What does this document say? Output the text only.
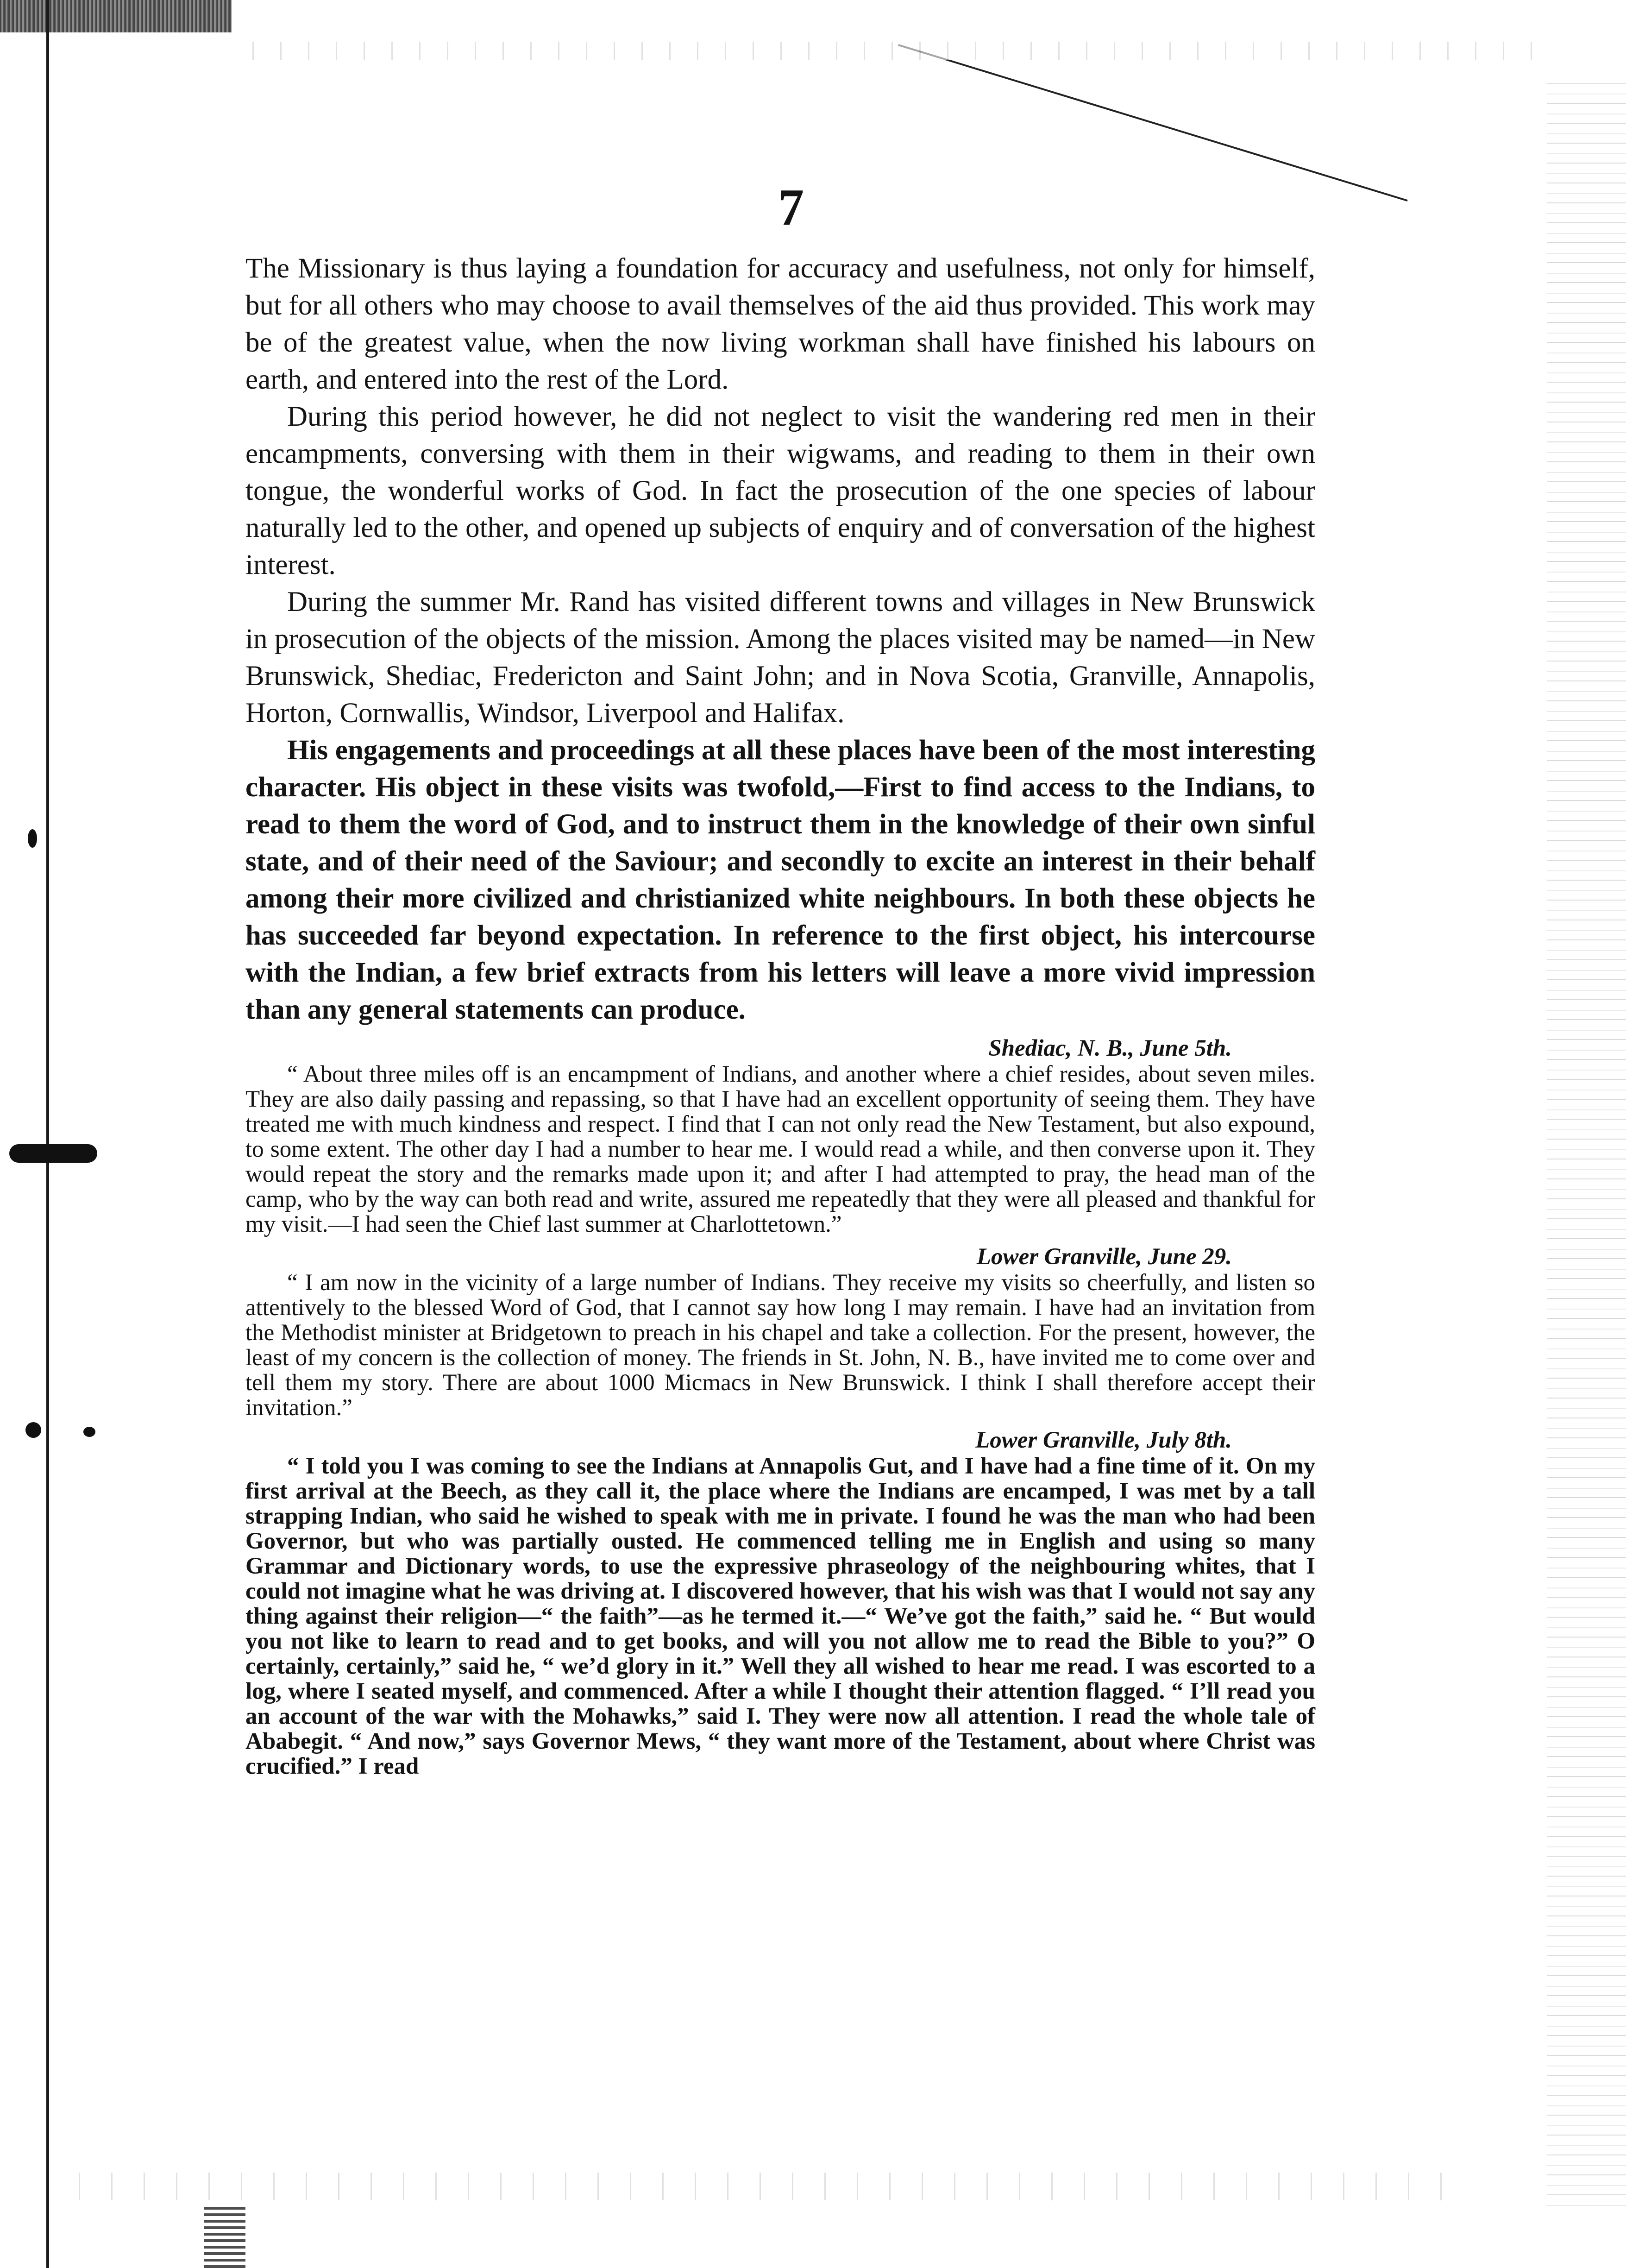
7

The Missionary is thus laying a foundation for accuracy and usefulness, not only for himself, but for all others who may choose to avail themselves of the aid thus provided. This work may be of the greatest value, when the now living workman shall have finished his labours on earth, and entered into the rest of the Lord.

During this period however, he did not neglect to visit the wandering red men in their encampments, conversing with them in their wigwams, and reading to them in their own tongue, the wonderful works of God. In fact the prosecution of the one species of labour naturally led to the other, and opened up subjects of enquiry and of conversation of the highest interest.

During the summer Mr. Rand has visited different towns and villages in New Brunswick in prosecution of the objects of the mission. Among the places visited may be named—in New Brunswick, Shediac, Fredericton and Saint John; and in Nova Scotia, Granville, Annapolis, Horton, Cornwallis, Windsor, Liverpool and Halifax.

His engagements and proceedings at all these places have been of the most interesting character. His object in these visits was twofold,—First to find access to the Indians, to read to them the word of God, and to instruct them in the knowledge of their own sinful state, and of their need of the Saviour; and secondly to excite an interest in their behalf among their more civilized and christianized white neighbours. In both these objects he has succeeded far beyond expectation. In reference to the first object, his intercourse with the Indian, a few brief extracts from his letters will leave a more vivid impression than any general statements can produce.

Shediac, N. B., June 5th.

“ About three miles off is an encampment of Indians, and another where a chief resides, about seven miles. They are also daily passing and repassing, so that I have had an excellent opportunity of seeing them. They have treated me with much kindness and respect. I find that I can not only read the New Testament, but also expound, to some extent. The other day I had a number to hear me. I would read a while, and then converse upon it. They would repeat the story and the remarks made upon it; and after I had attempted to pray, the head man of the camp, who by the way can both read and write, assured me repeatedly that they were all pleased and thankful for my visit.—I had seen the Chief last summer at Charlottetown.”

Lower Granville, June 29.

“ I am now in the vicinity of a large number of Indians. They receive my visits so cheerfully, and listen so attentively to the blessed Word of God, that I cannot say how long I may remain. I have had an invitation from the Methodist minister at Bridgetown to preach in his chapel and take a collection. For the present, however, the least of my concern is the collection of money. The friends in St. John, N. B., have invited me to come over and tell them my story. There are about 1000 Micmacs in New Brunswick. I think I shall therefore accept their invitation.”

Lower Granville, July 8th.

“ I told you I was coming to see the Indians at Annapolis Gut, and I have had a fine time of it. On my first arrival at the Beech, as they call it, the place where the Indians are encamped, I was met by a tall strapping Indian, who said he wished to speak with me in private. I found he was the man who had been Governor, but who was partially ousted. He commenced telling me in English and using so many Grammar and Dictionary words, to use the expressive phraseology of the neighbouring whites, that I could not imagine what he was driving at. I discovered however, that his wish was that I would not say any thing against their religion—“ the faith”—as he termed it.—“ We’ve got the faith,” said he. “ But would you not like to learn to read and to get books, and will you not allow me to read the Bible to you?” O certainly, certainly,” said he, “ we’d glory in it.” Well they all wished to hear me read. I was escorted to a log, where I seated myself, and commenced. After a while I thought their attention flagged. “ I’ll read you an account of the war with the Mohawks,” said I. They were now all attention. I read the whole tale of Ababegit. “ And now,” says Governor Mews, “ they want more of the Testament, about where Christ was crucified.” I read
